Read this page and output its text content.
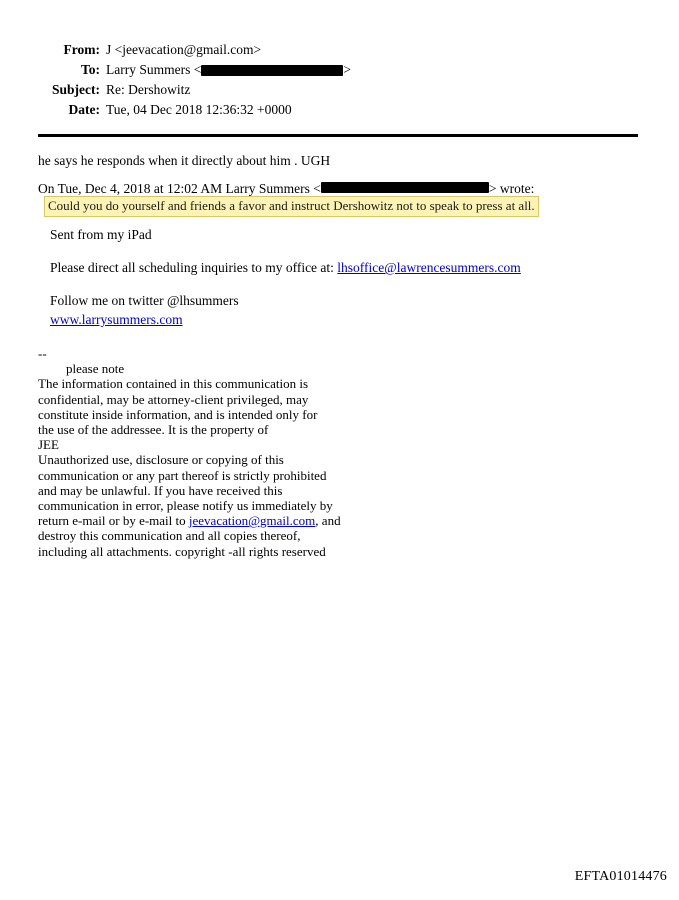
From: J <jeevacation@gmail.com>
To: Larry Summers <	>
Subject: Re: Dershowitz
Date: Tue, 04 Dec 2018 12:36:32 +0000
he says he responds when it directly about him . UGH
On Tue, Dec 4, 2018 at 12:02 AM Larry Summers <	> wrote:
Could you do yourself and friends a favor and instruct Dershowitz not to speak to press at all.

Sent from my iPad

Please direct all scheduling inquiries to my office at: lhsoffice@lawrencesummers.com

Follow me on twitter @lhsummers

www.larrysummers.com

--

please note

The information contained in this communication is

confidential, may be attorney-client privileged, may

constitute inside information, and is intended only for

the use of the addressee. It is the property of

JEE

Unauthorized use, disclosure or copying of this

communication or any part thereof is strictly prohibited

and may be unlawful. If you have received this

communication in error, please notify us immediately by

return e-mail or by e-mail to jeevacation@gmail.com, and

destroy this communication and all copies thereof,

including all attachments. copyright -all rights reserved

EFTA01014476
